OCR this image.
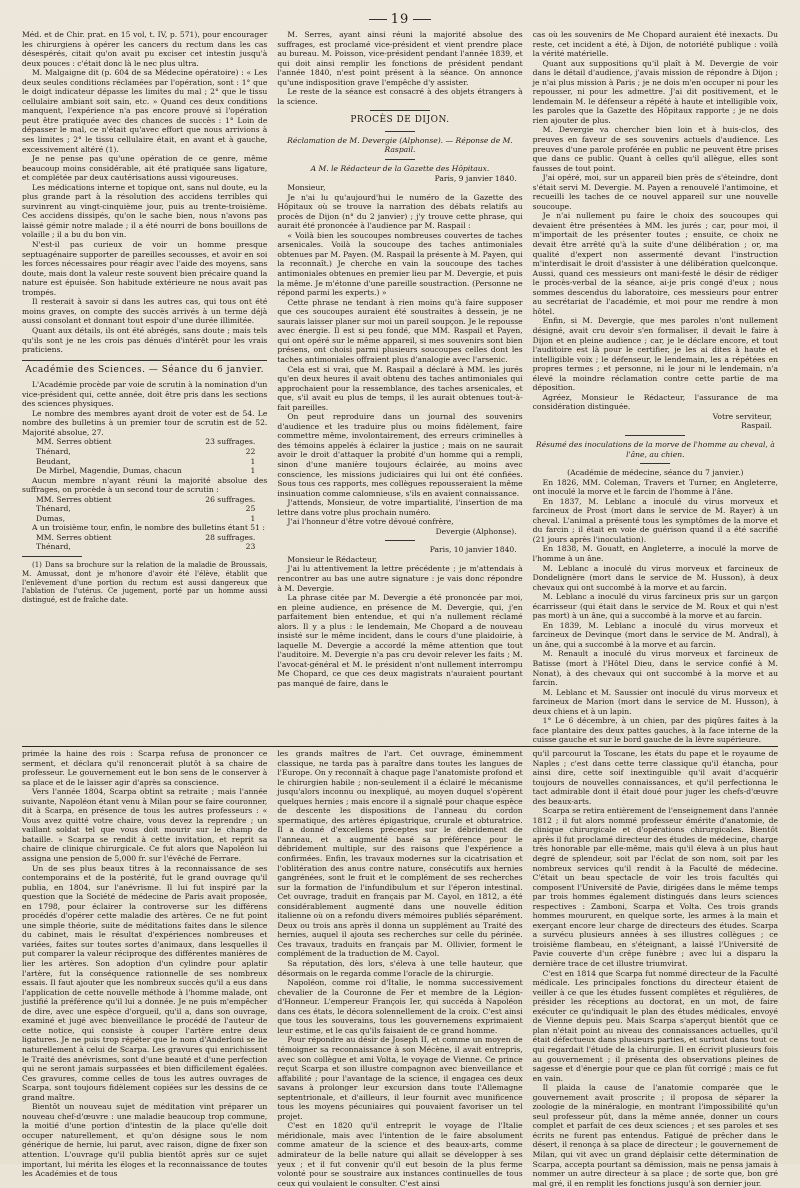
19

Méd. et de Chir. prat. en 15 vol, t. IV, p. 571), pour encourager les chirurgiens à opérer les cancers du rectum dans les cas désespérés, citait qu'on avait pu exciser cet intestin jusqu'à deux pouces : c'était donc là le nec plus ultra.

M. Malgaigne dit (p. 604 de sa Médecine opératoire) : « Les deux seules conditions réclamées par l'opération, sont : 1° que le doigt indicateur dépasse les limites du mal ; 2° que le tissu cellulaire ambiant soit sain, etc. » Quand ces deux conditions manquent, l'expérience n'a pas encore prouvé si l'opération peut être pratiquée avec des chances de succès : 1° Loin de dépasser le mal, ce n'était qu'avec effort que nous arrivions à ses limites ; 2° le tissu cellulaire était, en avant et à gauche, excessivement altéré (1).

Je ne pense pas qu'une opération de ce genre, même beaucoup moins considérable, ait été pratiquée sans ligature, et complétée par deux cautérisations aussi vigoureuses.

Les médications interne et topique ont, sans nul doute, eu la plus grande part à la résolution des accidens terribles qui survinrent au vingt-cinquième jour, puis au trente-troisième. Ces accidens dissipés, qu'on le sache bien, nous n'avons pas laissé gémir notre malade ; il a été nourri de bons bouillons de volaille ; il a bu du bon vin.

N'est-il pas curieux de voir un homme presque septuagénaire supporter de pareilles secousses, et avoir en soi les forces nécessaires pour réagir avec l'aide des moyens, sans doute, mais dont la valeur reste souvent bien précaire quand la nature est épuisée. Son habitude extérieure ne nous avait pas trompés.

Il resterait à savoir si dans les autres cas, qui tous ont été moins graves, on compte des succès arrivés à un terme déjà aussi consolant et donnant tout espoir d'une durée illimitée.

Quant aux détails, ils ont été abrégés, sans doute ; mais tels qu'ils sont je ne les crois pas dénués d'intérêt pour les vrais praticiens.

Académie des Sciences. — Séance du 6 janvier.

L'Académie procède par voie de scrutin à la nomination d'un vice-président qui, cette année, doit être pris dans les sections des sciences physiques.

Le nombre des membres ayant droit de voter est de 54. Le nombre des bulletins à un premier tour de scrutin est de 52. Majorité absolue, 27.

MM. Serres obtient	23 suffrages.
Thénard,	22
Beudant,	1
De Mirbel, Magendie, Dumas, chacun	1

Aucun membre n'ayant réuni la majorité absolue des suffrages, on procède à un second tour de scrutin :

MM. Serres obtient	26 suffrages.
Thénard,	25
Dumas,	1

A un troisième tour, enfin, le nombre des bulletins étant 51 :

MM. Serres obtient	28 suffrages.
Thénard,	23

(1) Dans sa brochure sur la relation de la maladie de Broussais, M. Amussat, dont je m'honore d'avoir été l'élève, établit que l'enlèvement d'une portion du rectum est aussi dangereux que l'ablation de l'utérus. Ce jugement, porté par un homme aussi distingué, est de fraîche date.

M. Serres, ayant ainsi réuni la majorité absolue des suffrages, est proclamé vice-président et vient prendre place au bureau. M. Poisson, vice-président pendant l'année 1839, et qui doit ainsi remplir les fonctions de président pendant l'année 1840, n'est point présent à la séance. On annonce qu'une indisposition grave l'empêche d'y assister.

Le reste de la séance est consacré à des objets étrangers à la science.

PROCÈS DE DIJON.

Réclamation de M. Devergie (Alphonse). — Réponse de M. Raspail.

A M. le Rédacteur de la Gazette des Hôpitaux.

Paris, 9 janvier 1840.

Monsieur,

Je n'ai lu qu'aujourd'hui le numéro de la Gazette des Hôpitaux où se trouve la narration des débats relatifs au procès de Dijon (n° du 2 janvier) ; j'y trouve cette phrase, qui aurait été prononcée à l'audience par M. Raspail :

« Voilà bien les soucoupes nombreuses couvertes de taches arsenicales. Voilà la soucoupe des taches antimoniales obtenues par M. Payen. (M. Raspail la présente à M. Payen, qui la reconnaît.) Je cherche en vain la soucoupe des taches antimoniales obtenues en premier lieu par M. Devergie, et puis la même. Je m'étonne d'une pareille soustraction. (Personne ne répond parmi les experts.) »

Cette phrase ne tendant à rien moins qu'à faire supposer que ces soucoupes auraient été soustraites à dessein, je ne saurais laisser planer sur moi un pareil soupçon. Je le repousse avec énergie. Il est si peu fondé, que MM. Raspail et Payen, qui ont opéré sur le même appareil, si mes souvenirs sont bien présens, ont choisi parmi plusieurs soucoupes celles dont les taches antimoniales offraient plus d'analogie avec l'arsenic.

Cela est si vrai, que M. Raspail a déclaré à MM. les jurés qu'en deux heures il avait obtenu des taches antimoniales qui approchaient pour la ressemblance, des taches arsenicales, et que, s'il avait eu plus de temps, il les aurait obtenues tout-à-fait pareilles.

On peut reproduire dans un journal des souvenirs d'audience et les traduire plus ou moins fidèlement, faire commettre même, involontairement, des erreurs criminelles à des témoins appelés à éclairer la justice ; mais on ne saurait avoir le droit d'attaquer la probité d'un homme qui a rempli, sinon d'une manière toujours éclairée, au moins avec conscience, les missions judiciaires qui lui ont été confiées. Sous tous ces rapports, mes collègues repousseraient la même insinuation comme calomnieuse, s'ils en avaient connaissance.

J'attends, Monsieur, de votre impartialité, l'insertion de ma lettre dans votre plus prochain numéro.

J'ai l'honneur d'être votre dévoué confrère,

Devergie (Alphonse).

Paris, 10 janvier 1840.

Monsieur le Rédacteur,

J'ai lu attentivement la lettre précédente ; je m'attendais à rencontrer au bas une autre signature : je vais donc répondre à M. Devergie.

La phrase citée par M. Devergie a été prononcée par moi, en pleine audience, en présence de M. Devergie, qui, j'en parfaitement bien entendue, et qui n'a nullement réclamé alors. Il y a plus : le lendemain, Me Chopard a de nouveau insisté sur le même incident, dans le cours d'une plaidoirie, à laquelle M. Devergie a accordé la même attention que tout l'auditoire. M. Devergie n'a pas cru devoir relever les faits ; M. l'avocat-général et M. le président n'ont nullement interrompu Me Chopard, ce que ces deux magistrats n'auraient pourtant pas manqué de faire, dans le

cas où les souvenirs de Me Chopard auraient été inexacts. Du reste, cet incident a été, à Dijon, de notoriété publique : voilà la vérité matérielle.

Quant aux suppositions qu'il plaît à M. Devergie de voir dans le détail d'audience, j'avais mission de répondre à Dijon ; je n'ai plus mission à Paris ; je ne dois m'en occuper ni pour les repousser, ni pour les admettre. J'ai dit positivement, et le lendemain M. le défenseur a répété à haute et intelligible voix, les paroles que la Gazette des Hôpitaux rapporte ; je ne dois rien ajouter de plus.

M. Devergie va chercher bien loin et à huis-clos, des preuves en faveur de ses souvenirs actuels d'audience. Les preuves d'une parole proférée en public ne peuvent être prises que dans ce public. Quant à celles qu'il allègue, elles sont fausses de tout point.

J'ai opéré, moi, sur un appareil bien près de s'éteindre, dont s'était servi M. Devergie. M. Payen a renouvelé l'antimoine, et recueilli les taches de ce nouvel appareil sur une nouvelle soucoupe.

Je n'ai nullement pu faire le choix des soucoupes qui devaient être présentées à MM. les jurés ; car, pour moi, il m'importait de les présenter toutes ; ensuite, ce choix ne devait être arrêté qu'à la suite d'une délibération ; or, ma qualité d'expert non assermenté devant l'instruction m'interdisait le droit d'assister à une délibération quelconque. Aussi, quand ces messieurs ont mani-festé le désir de rédiger le procès-verbal de la séance, ai-je pris congé d'eux ; nous sommes descendus du laboratoire, ces messieurs pour entrer au secrétariat de l'académie, et moi pour me rendre à mon hôtel.

Enfin, si M. Devergie, que mes paroles n'ont nullement désigné, avait cru devoir s'en formaliser, il devait le faire à Dijon et en pleine audience ; car, je le déclare encore, et tout l'auditoire est là pour le certifier, je les ai dites à haute et intelligible voix ; le défenseur, le lendemain, les a répétées en propres termes ; et personne, ni le jour ni le lendemain, n'a élevé la moindre réclamation contre cette partie de ma déposition.

Agréez, Monsieur le Rédacteur, l'assurance de ma considération distinguée.

Votre serviteur,

Raspail.

Résumé des inoculations de la morve de l'homme au cheval, à l'âne, au chien.

(Académie de médecine, séance du 7 janvier.)

En 1826, MM. Coleman, Travers et Turner, en Angleterre, ont inoculé la morve et le farcin de l'homme à l'âne.

En 1837, M. Leblanc a inoculé du virus morveux et farcineux de Prost (mort dans le service de M. Rayer) à un cheval. L'animal a présenté tous les symptômes de la morve et du farcin ; il était en voie de guérison quand il a été sacrifié (21 jours après l'inoculation).

En 1838, M. Gouatt, en Angleterre, a inoculé la morve de l'homme à un âne.

M. Leblanc a inoculé du virus morveux et farcineux de Dondelignère (mort dans le service de M. Husson), à deux chevaux qui ont succombé à la morve et au farcin.

M. Leblanc a inoculé du virus farcineux pris sur un garçon écarrisseur (qui était dans le service de M. Roux et qui n'est pas mort) à un âne, qui a succombé à la morve et au farcin.

En 1839, M. Leblanc a inoculé du virus morveux et farcineux de Devinque (mort dans le service de M. Andral), à un âne, qui a succombé à la morve et au farcin.

M. Renault a inoculé du virus morveux et farcineux de Batisse (mort à l'Hôtel Dieu, dans le service confié à M. Nonat), à des chevaux qui ont succombé à la morve et au farcin.

M. Leblanc et M. Saussier ont inoculé du virus morveux et farcineux de Marion (mort dans le service de M. Husson), à deux chiens et à un lapin.

1° Le 6 décembre, à un chien, par des piqûres faites à la face plantaire des deux pattes gauches, à la face interne de la cuisse gauche et sur le bord gauche de la lèvre supérieure.

primée la haine des rois : Scarpa refusa de prononcer ce serment, et déclara qu'il renoncerait plutôt à sa chaire de professeur. Le gouvernement eut le bon sens de le conserver à sa place et de le laisser agir d'après sa conscience.

Vers l'année 1804, Scarpa obtint sa retraite ; mais l'année suivante, Napoléon étant venu à Milan pour se faire couronner, dit à Scarpa, en présence de tous les autres professeurs : « Vous avez quitté votre chaire, vous devez la reprendre ; un vaillant soldat tel que vous doit mourir sur le champ de bataille. » Scarpa se rendit à cette invitation, et reprit sa chaire de clinique chirurgicale. Ce fut alors que Napoléon lui assigna une pension de 5,000 fr. sur l'évêché de Ferrare.

Un de ses plus beaux titres à la reconnaissance de ses contemporains et de la postérité, fut le grand ouvrage qu'il publia, en 1804, sur l'anévrisme. Il lui fut inspiré par la question que la Société de médecine de Paris avait proposée, en 1798, pour éclairer la controverse sur les différens procédés d'opérer cette maladie des artères. Ce ne fut point une simple théorie, suite de méditations faites dans le silence du cabinet, mais le résultat d'expériences nombreuses et variées, faites sur toutes sortes d'animaux, dans lesquelles il put comparer la valeur réciproque des différentes manières de lier les artères. Son adoption d'un cylindre pour aplatir l'artère, fut la conséquence rationnelle de ses nombreux essais. Il faut ajouter que les nombreux succès qu'il a eus dans l'application de cette nouvelle méthode à l'homme malade, ont justifié la préférence qu'il lui a donnée. Je ne puis m'empêcher de dire, avec une espèce d'orgueil, qu'il a, dans son ouvrage, examiné et jugé avec bienveillance le procédé de l'auteur de cette notice, qui consiste à couper l'artère entre deux ligatures. Je ne puis trop répéter que le nom d'Anderloni se lie naturellement à celui de Scarpa. Les gravures qui enrichissent le Traité des anévrismes, sont d'une beauté et d'une perfection qui ne seront jamais surpassées et bien difficilement égalées. Ces gravures, comme celles de tous les autres ouvrages de Scarpa, sont toujours fidèlement copiées sur les dessins de ce grand maître.

Bientôt un nouveau sujet de méditation vint préparer un nouveau chef-d'œuvre : une maladie beaucoup trop commune, la moitié d'une portion d'intestin de la place qu'elle doit occuper naturellement, et qu'on désigne sous le nom générique de hernie, lui parut, avec raison, digne de fixer son attention. L'ouvrage qu'il publia bientôt après sur ce sujet important, lui mérita les éloges et la reconnaissance de toutes les Académies et de tous

les grands maîtres de l'art. Cet ouvrage, éminemment classique, ne tarda pas à paraître dans toutes les langues de l'Europe. On y reconnaît à chaque page l'anatomiste profond et le chirurgien habile ; non-seulement il a éclairé le mécanisme jusqu'alors inconnu ou inexpliqué, au moyen duquel s'opèrent quelques hernies ; mais encore il a signalé pour chaque espèce de descente les dispositions de l'anneau du cordon spermatique, des artères épigastrique, crurale et obturatrice. Il a donné d'excellens préceptes sur le débridement de l'anneau, et a augmenté basé sa préférence pour le débridement multiple, sur des raisons que l'expérience a confirmées. Enfin, les travaux modernes sur la cicatrisation et l'oblitération des anus contre nature, consécutifs aux hernies gangrénées, sont le fruit et le complément de ses recherches sur la formation de l'infundibulum et sur l'éperon intestinal. Cet ouvrage, traduit en français par M. Cayol, en 1812, a été considérablement augmenté dans une nouvelle édition italienne où on a refondu divers mémoires publiés séparément. Deux ou trois ans après il donna un supplément au Traité des hernies, auquel il ajouta ses recherches sur celle du périnée. Ces travaux, traduits en français par M. Ollivier, forment le complément de la traduction de M. Cayol.

Sa réputation, dès lors, s'éleva à une telle hauteur, que désormais on le regarda comme l'oracle de la chirurgie.

Napoléon, comme roi d'Italie, le nomma successivement chevalier de la Couronne de Fer et membre de la Légion-d'Honneur. L'empereur François Ier, qui succéda à Napoléon dans ces états, le décora solennellement de la croix. C'est ainsi que tous les souverains, tous les gouvernemens exprimaient leur estime, et le cas qu'ils faisaient de ce grand homme.

Pour répondre au désir de Joseph II, et comme un moyen de témoigner sa reconnaissance à son Mécène, il avait entrepris, avec son collègue et ami Volta, le voyage de Vienne. Ce prince reçut Scarpa et son illustre compagnon avec bienveillance et affabilité ; pour l'avantage de la science, il engagea ces deux savans à prolonger leur excursion dans toute l'Allemagne septentrionale, et d'ailleurs, il leur fournit avec munificence tous les moyens pécuniaires qui pouvaient favoriser un tel projet.

C'est en 1820 qu'il entreprit le voyage de l'Italie méridionale, mais avec l'intention de le faire absolument comme amateur de la science et des beaux-arts, comme admirateur de la belle nature qui allait se développer à ses yeux ; et il fut convenir qu'il eut besoin de la plus ferme volonté pour se soustraire aux instances continuelles de tous ceux qui voulaient le consulter. C'est ainsi

qu'il parcourut la Toscane, les états du pape et le royaume de Naples ; c'est dans cette terre classique qu'il étancha, pour ainsi dire, cette soif inextinguible qu'il avait d'acquérir toujours de nouvelles connaissances, et qu'il perfectionna le tact admirable dont il était doué pour juger les chefs-d'œuvre des beaux-arts.

Scarpa se retira entièrement de l'enseignement dans l'année 1812 ; il fut alors nommé professeur émérite d'anatomie, de clinique chirurgicale et d'opérations chirurgicales. Bientôt après il fut proclamé directeur des études de médecine, charge très honorable par elle-même, mais qu'il éleva à un plus haut degré de splendeur, soit par l'éclat de son nom, soit par les nombreux services qu'il rendit à la Faculté de médecine. C'était un beau spectacle de voir les trois facultés qui composent l'Université de Pavie, dirigées dans le même temps par trois hommes également distingués dans leurs sciences respectives : Zamboni, Scarpa et Volta. Ces trois grands hommes moururent, en quelque sorte, les armes à la main et exerçant encore leur charge de directeurs des études. Scarpa a survécu plusieurs années à ses illustres collègues ; ce troisième flambeau, en s'éteignant, a laissé l'Université de Pavie couverte d'un crêpe funèbre ; avec lui a disparu la dernière trace de cet illustre triumvirat.

C'est en 1814 que Scarpa fut nommé directeur de la Faculté médicale. Les principales fonctions du directeur étaient de veiller à ce que les études fussent complètes et régulières, de présider les réceptions au doctorat, en un mot, de faire exécuter ce qu'indiquait le plan des études médicales, envoyé de Vienne depuis peu. Mais Scarpa s'aperçut bientôt que ce plan n'était point au niveau des connaissances actuelles, qu'il était défectueux dans plusieurs parties, et surtout dans tout ce qui regardait l'étude de la chirurgie. Il en écrivit plusieurs fois au gouvernement ; il présenta des observations pleines de sagesse et d'énergie pour que ce plan fût corrigé ; mais ce fut en vain.

Il plaida la cause de l'anatomie comparée que le gouvernement avait proscrite ; il proposa de séparer la zoologie de la minéralogie, en montrant l'impossibilité qu'un seul professeur pût, dans la même année, donner un cours complet et parfait de ces deux sciences ; et ses paroles et ses écrits ne furent pas entendus. Fatigué de prêcher dans le désert, il renonça à sa place de directeur ; le gouvernement de Milan, qui vit avec un grand déplaisir cette détermination de Scarpa, accepta pourtant sa démission, mais ne pensa jamais à nommer un autre directeur à sa place ; de sorte que, bon gré mal gré, il en remplit les fonctions jusqu'à son dernier jour.
